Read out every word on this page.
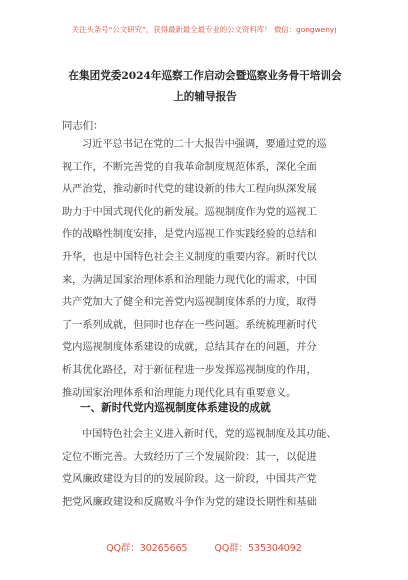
关注头条号“公文研究”，获得最新最全最专业的公文资料库！ 微信：gongwenyj
在集团党委2024年巡察工作启动会暨巡察业务骨干培训会
上的辅导报告
同志们：
习近平总书记在党的二十大报告中强调，要通过党的巡
视工作，不断完善党的自我革命制度规范体系，深化全面
从严治党，推动新时代党的建设新的伟大工程向纵深发展
助力于中国式现代化的新发展。巡视制度作为党的巡视工
作的战略性制度安排，是党内巡视工作实践经验的总结和
升华，也是中国特色社会主义制度的重要内容。新时代以
来，为满足国家治理体系和治理能力现代化的需求，中国
共产党加大了健全和完善党内巡视制度体系的力度，取得
了一系列成就，但同时也存在一些问题。系统梳理新时代
党内巡视制度体系建设的成就，总结其存在的问题，并分
析其优化路径，对于新征程进一步发挥巡视制度的作用，
推动国家治理体系和治理能力现代化具有重要意义。
一、新时代党内巡视制度体系建设的成就
中国特色社会主义进入新时代，党的巡视制度及其功能、
定位不断完善。大致经历了三个发展阶段：其一，以促进
党风廉政建设为目的的发展阶段。这一阶段，中国共产党
把党风廉政建设和反腐败斗争作为党的建设长期性和基础
QQ群：30265665	QQ群：535304092
